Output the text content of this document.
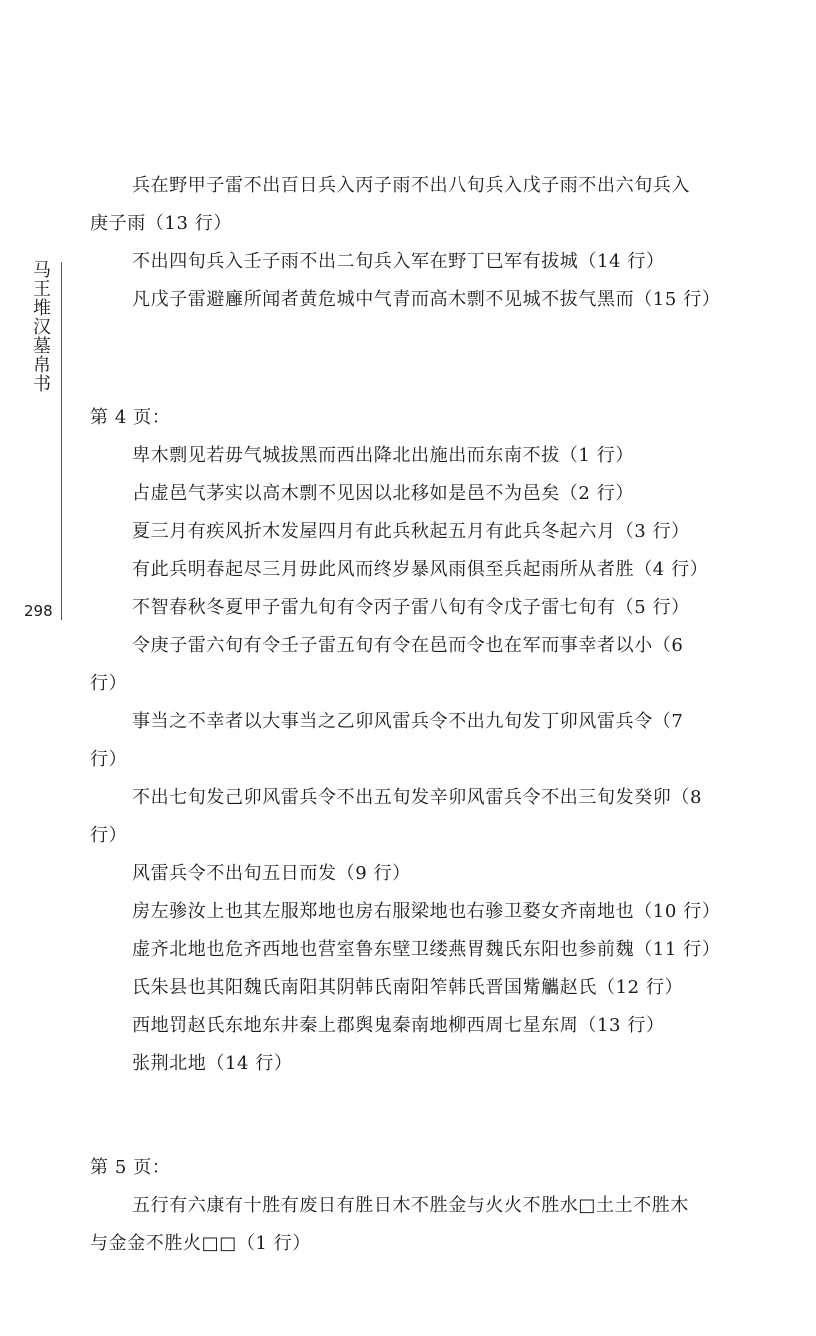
马王堆汉墓帛书
298
兵在野甲子雷不出百日兵入丙子雨不出八旬兵入戊子雨不出六旬兵入
庚子雨（13 行）
不出四旬兵入壬子雨不出二旬兵入军在野丁巳军有拔城（14 行）
凡戊子雷避廱所闻者黄危城中气青而高木剽不见城不拔气黑而（15 行）
第 4 页：
卑木剽见若毋气城拔黑而西出降北出施出而东南不拔（1 行）
占虚邑气茅实以高木剽不见因以北移如是邑不为邑矣（2 行）
夏三月有疾风折木发屋四月有此兵秋起五月有此兵冬起六月（3 行）
有此兵明春起尽三月毋此风而终岁暴风雨俱至兵起雨所从者胜（4 行）
不智春秋冬夏甲子雷九旬有令丙子雷八旬有令戊子雷七旬有（5 行）
令庚子雷六旬有令壬子雷五旬有令在邑而令也在军而事幸者以小（6
行）
事当之不幸者以大事当之乙卯风雷兵令不出九旬发丁卯风雷兵令（7
行）
不出七旬发己卯风雷兵令不出五旬发辛卯风雷兵令不出三旬发癸卯（8
行）
风雷兵令不出旬五日而发（9 行）
房左骖汝上也其左服郑地也房右服梁地也右骖卫婺女齐南地也（10 行）
虚齐北地也危齐西地也营室鲁东壁卫缕燕胃魏氏东阳也参前魏（11 行）
氏朱县也其阳魏氏南阳其阴韩氏南阳笮韩氏晋国觜觿赵氏（12 行）
西地罚赵氏东地东井秦上郡舆鬼秦南地柳西周七星东周（13 行）
张荆北地（14 行）
第 5 页：
五行有六康有十胜有废日有胜日木不胜金与火火不胜水□土土不胜木
与金金不胜火□□（1 行）
